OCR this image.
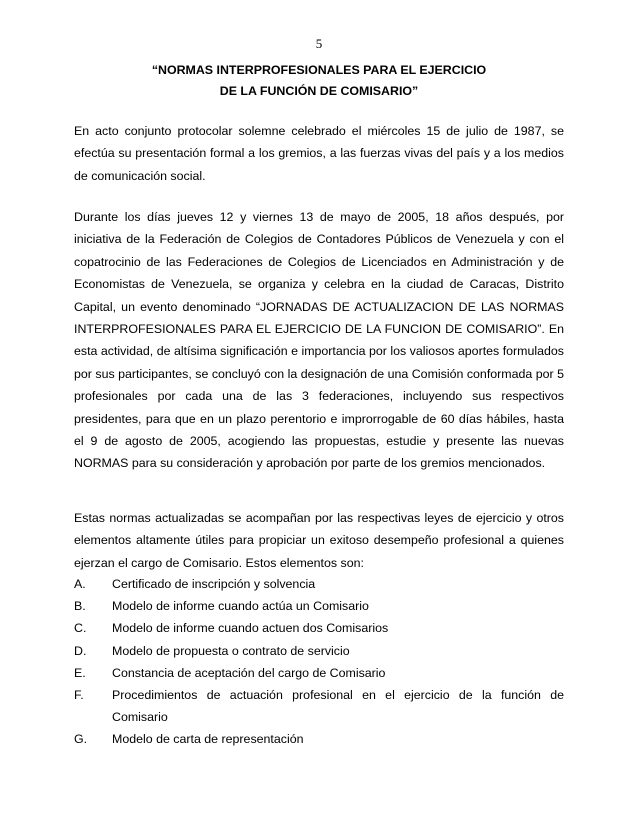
5
“NORMAS INTERPROFESIONALES PARA EL EJERCICIO
DE LA FUNCIÓN DE COMISARIO”

En acto conjunto protocolar solemne celebrado el miércoles 15 de julio de 1987, se efectúa su presentación formal a los gremios, a las fuerzas vivas del país y a los medios de comunicación social.

Durante los días jueves 12 y viernes 13 de mayo de 2005, 18 años después, por iniciativa de la Federación de Colegios de Contadores Públicos de Venezuela y con el copatrocinio de las Federaciones de Colegios de Licenciados en Administración y de Economistas de Venezuela, se organiza y celebra en la ciudad de Caracas, Distrito Capital, un evento denominado “JORNADAS DE ACTUALIZACION DE LAS NORMAS INTERPROFESIONALES PARA EL EJERCICIO DE LA FUNCION DE COMISARIO”. En esta actividad, de altísima significación e importancia por los valiosos aportes formulados por sus participantes, se concluyó con la designación de una Comisión conformada por 5 profesionales por cada una de las 3 federaciones, incluyendo sus respectivos presidentes, para que en un plazo perentorio e improrrogable de 60 días hábiles, hasta el 9 de agosto de 2005, acogiendo las propuestas, estudie y presente las nuevas NORMAS para su consideración y aprobación por parte de los gremios mencionados.

Estas normas actualizadas se acompañan por las respectivas leyes de ejercicio y otros elementos altamente útiles para propiciar un exitoso desempeño profesional a quienes ejerzan el cargo de Comisario. Estos elementos son:

A.	Certificado de inscripción y solvencia
B.	Modelo de informe cuando actúa un Comisario
C.	Modelo de informe cuando actuen dos Comisarios
D.	Modelo de propuesta o contrato de servicio
E.	Constancia de aceptación del cargo de Comisario
F.	Procedimientos de actuación profesional en el ejercicio de la función de Comisario
G.	Modelo de carta de representación
